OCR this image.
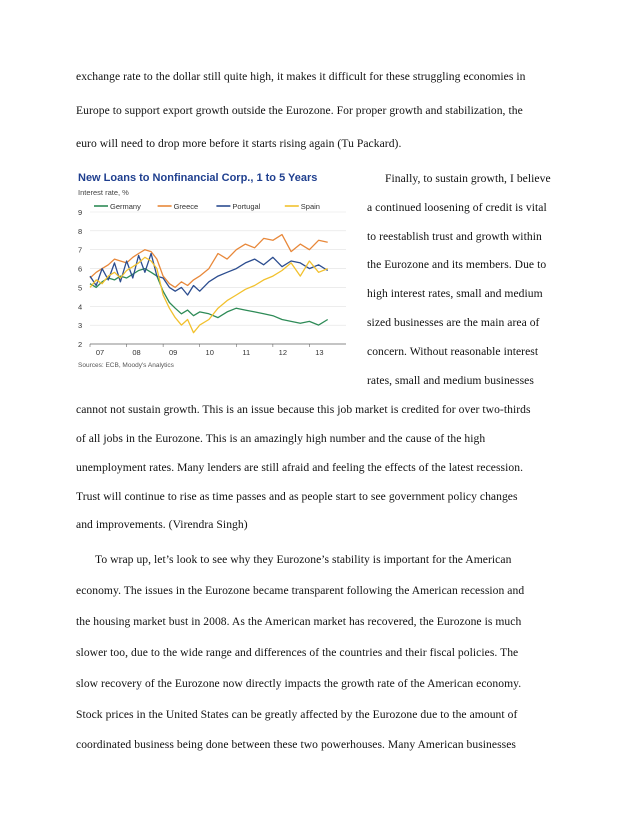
exchange rate to the dollar still quite high, it makes it difficult for these struggling economies in
Europe to support export growth outside the Eurozone. For proper growth and stabilization, the
euro will need to drop more before it starts rising again (Tu Packard).
New Loans to Nonfinancial Corp., 1 to 5 Years
Interest rate, %
Germany	Greece	Portugal	Spain
9
8
7
6
5
4
3
2
07	08	09	10	11	12	13
Sources: ECB, Moody's Analytics
Finally, to sustain growth, I believe
a continued loosening of credit is vital
to reestablish trust and growth within
the Eurozone and its members. Due to
high interest rates, small and medium
sized businesses are the main area of
concern. Without reasonable interest
rates, small and medium businesses
cannot not sustain growth. This is an issue because this job market is credited for over two-thirds
of all jobs in the Eurozone. This is an amazingly high number and the cause of the high
unemployment rates. Many lenders are still afraid and feeling the effects of the latest recession.
Trust will continue to rise as time passes and as people start to see government policy changes
and improvements. (Virendra Singh)
To wrap up, let’s look to see why they Eurozone’s stability is important for the American
economy. The issues in the Eurozone became transparent following the American recession and
the housing market bust in 2008. As the American market has recovered, the Eurozone is much
slower too, due to the wide range and differences of the countries and their fiscal policies. The
slow recovery of the Eurozone now directly impacts the growth rate of the American economy.
Stock prices in the United States can be greatly affected by the Eurozone due to the amount of
coordinated business being done between these two powerhouses. Many American businesses
